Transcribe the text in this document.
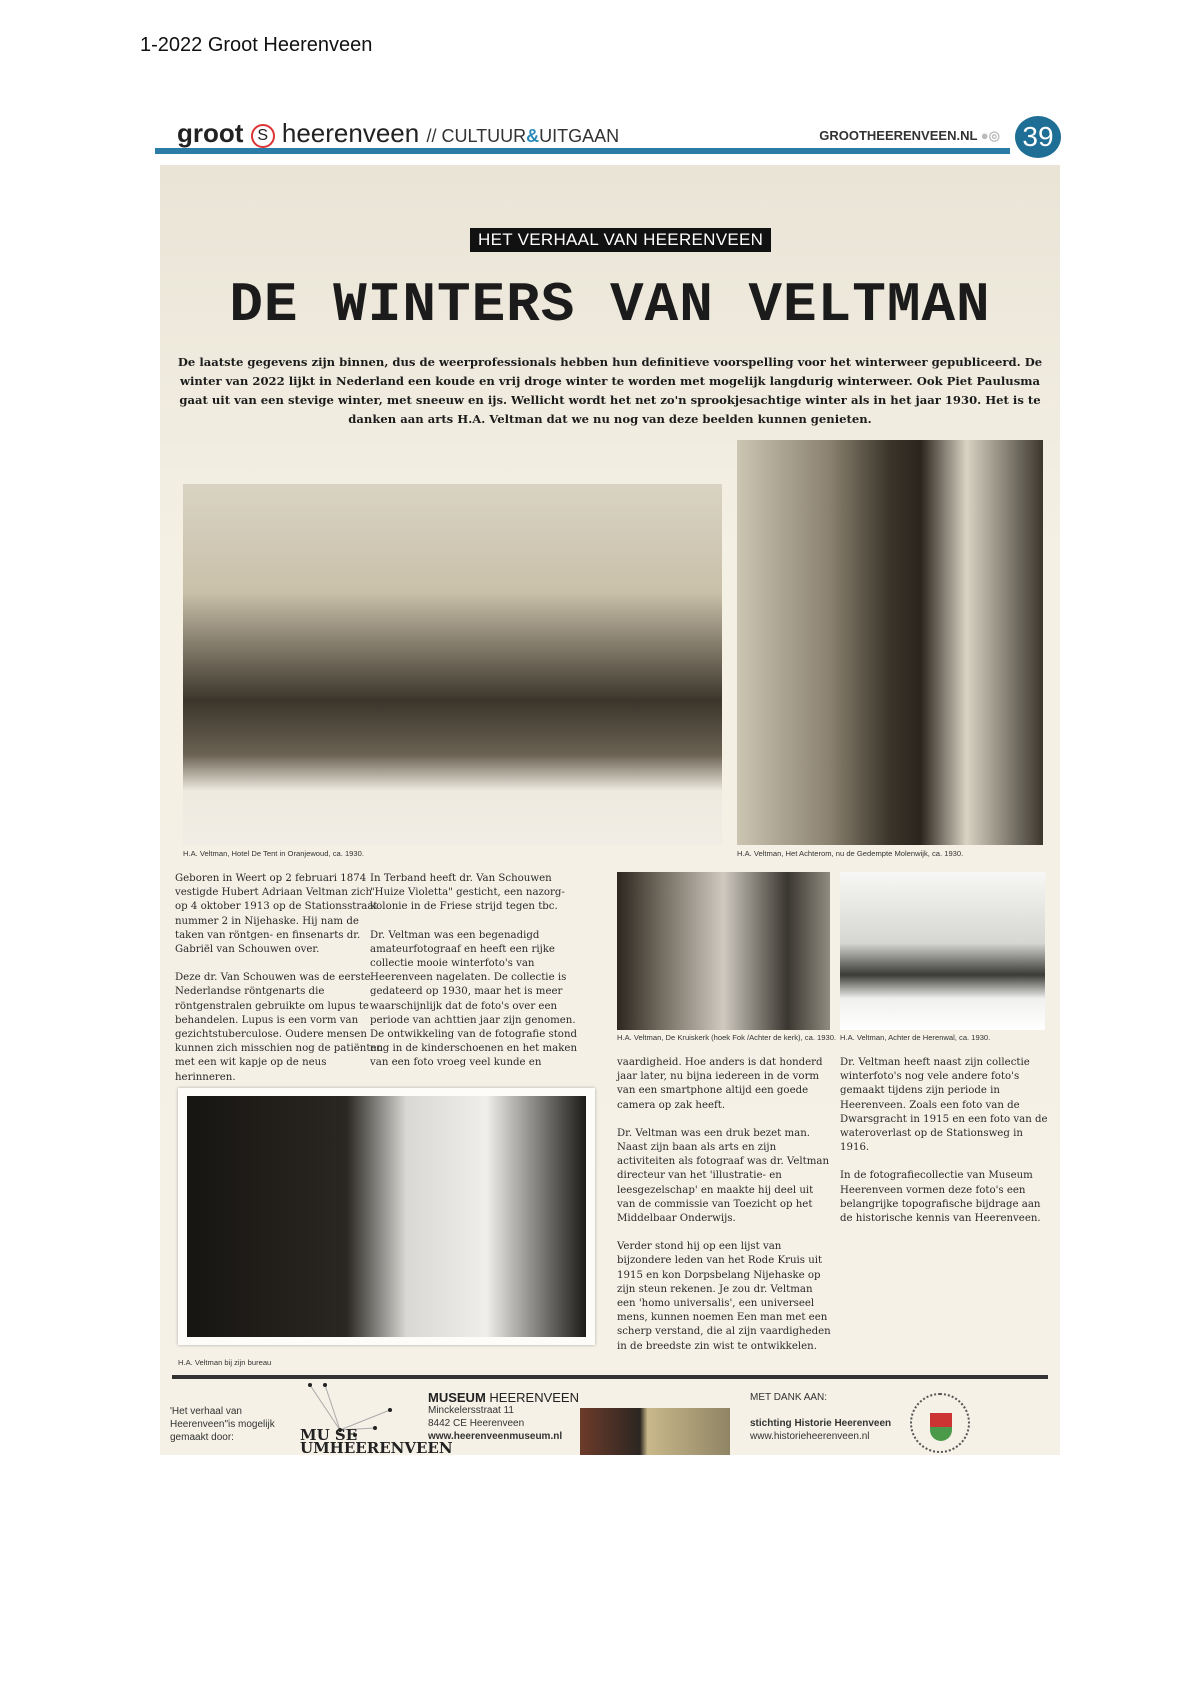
1-2022 Groot Heerenveen
groot S heerenveen // CULTUUR&UITGAAN	GROOTHEERENVEEN.NL ●◎ 39
HET VERHAAL VAN HEERENVEEN
DE WINTERS VAN VELTMAN
De laatste gegevens zijn binnen, dus de weerprofessionals hebben hun definitieve voorspelling voor het winterweer gepubliceerd. De winter van 2022 lijkt in Nederland een koude en vrij droge winter te worden met mogelijk langdurig winterweer. Ook Piet Paulusma gaat uit van een stevige winter, met sneeuw en ijs. Wellicht wordt het net zo'n sprookjesachtige winter als in het jaar 1930. Het is te danken aan arts H.A. Veltman dat we nu nog van deze beelden kunnen genieten.
H.A. Veltman, Hotel De Tent in Oranjewoud, ca. 1930.	H.A. Veltman, Het Achterom, nu de Gedempte Molenwijk, ca. 1930.

Geboren in Weert op 2 februari 1874 vestigde Hubert Adriaan Veltman zich op 4 oktober 1913 op de Stationsstraat nummer 2 in Nijehaske. Hij nam de taken van röntgen- en finsenarts dr. Gabriël van Schouwen over.

Deze dr. Van Schouwen was de eerste Nederlandse röntgenarts die röntgenstralen gebruikte om lupus te behandelen. Lupus is een vorm van gezichtstuberculose. Oudere mensen kunnen zich misschien nog de patiënten met een wit kapje op de neus herinneren.

In Terband heeft dr. Van Schouwen "Huize Violetta" gesticht, een nazorg-kolonie in de Friese strijd tegen tbc.

Dr. Veltman was een begenadigd amateurfotograaf en heeft een rijke collectie mooie winterfoto's van Heerenveen nagelaten. De collectie is gedateerd op 1930, maar het is meer waarschijnlijk dat de foto's over een periode van achttien jaar zijn genomen. De ontwikkeling van de fotografie stond nog in de kinderschoenen en het maken van een foto vroeg veel kunde en

H.A. Veltman, De Kruiskerk (hoek Fok /Achter de kerk), ca. 1930. H.A. Veltman, Achter de Herenwal, ca. 1930.

vaardigheid. Hoe anders is dat honderd jaar later, nu bijna iedereen in de vorm van een smartphone altijd een goede camera op zak heeft.

Dr. Veltman was een druk bezet man. Naast zijn baan als arts en zijn activiteiten als fotograaf was dr. Veltman directeur van het 'illustratie- en leesgezelschap' en maakte hij deel uit van de commissie van Toezicht op het Middelbaar Onderwijs.

Verder stond hij op een lijst van bijzondere leden van het Rode Kruis uit 1915 en kon Dorpsbelang Nijehaske op zijn steun rekenen. Je zou dr. Veltman een 'homo universalis', een universeel mens, kunnen noemen Een man met een scherp verstand, die al zijn vaardigheden in de breedste zin wist te ontwikkelen.

Dr. Veltman heeft naast zijn collectie winterfoto's nog vele andere foto's gemaakt tijdens zijn periode in Heerenveen. Zoals een foto van de Dwarsgracht in 1915 en een foto van de wateroverlast op de Stationsweg in 1916.

In de fotografiecollectie van Museum Heerenveen vormen deze foto's een belangrijke topografische bijdrage aan de historische kennis van Heerenveen.

H.A. Veltman bij zijn bureau
'Het verhaal van Heerenveen"is mogelijk gemaakt door:	MU SE UMHEERENVEEN
MUSEUM HEERENVEEN
Minckelersstraat 11
8442 CE Heerenveen
www.heerenveenmuseum.nl
MET DANK AAN:

stichting Historie Heerenveen
www.historieheerenveen.nl
